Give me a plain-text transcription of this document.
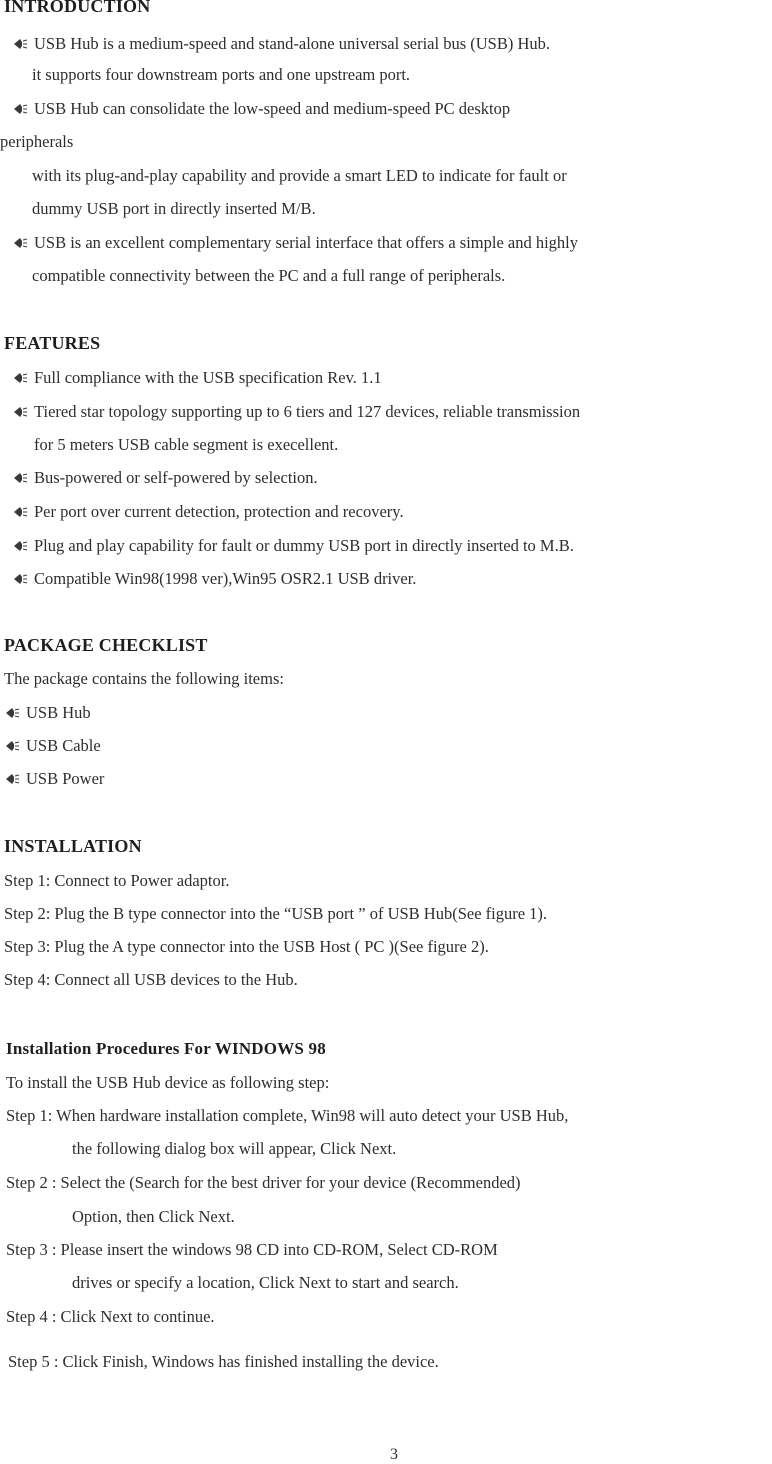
INTRODUCTION
USB Hub is a medium-speed and stand-alone universal serial bus (USB) Hub.
it supports four downstream ports and one upstream port.
USB Hub can consolidate the low-speed and medium-speed PC desktop
peripherals
with its plug-and-play capability and provide a smart LED to indicate for fault or
dummy USB port in directly inserted M/B.
USB is an excellent complementary serial interface that offers a simple and highly
compatible connectivity between the PC and a full range of peripherals.
FEATURES
Full compliance with the USB specification Rev. 1.1
Tiered star topology supporting up to 6 tiers and 127 devices, reliable transmission
for 5 meters USB cable segment is execellent.
Bus-powered or self-powered by selection.
Per port over current detection, protection and recovery.
Plug and play capability for fault or dummy USB port in directly inserted to M.B.
Compatible Win98(1998 ver),Win95 OSR2.1 USB driver.
PACKAGE CHECKLIST
The package contains the following items:
USB Hub
USB Cable
USB Power
INSTALLATION
Step 1: Connect to Power adaptor.
Step 2: Plug the B type connector into the “USB port ” of USB Hub(See figure 1).
Step 3: Plug the A type connector into the USB Host ( PC )(See figure 2).
Step 4: Connect all USB devices to the Hub.
Installation Procedures For WINDOWS 98
To install the USB Hub device as following step:
Step 1: When hardware installation complete, Win98 will auto detect your USB Hub,
the following dialog box will appear, Click Next.
Step 2 : Select the (Search for the best driver for your device (Recommended)
Option, then Click Next.
Step 3 : Please insert the windows 98 CD into CD-ROM, Select CD-ROM
drives or specify a location, Click Next to start and search.
Step 4 : Click Next to continue.
Step 5 : Click Finish, Windows has finished installing the device.
3
